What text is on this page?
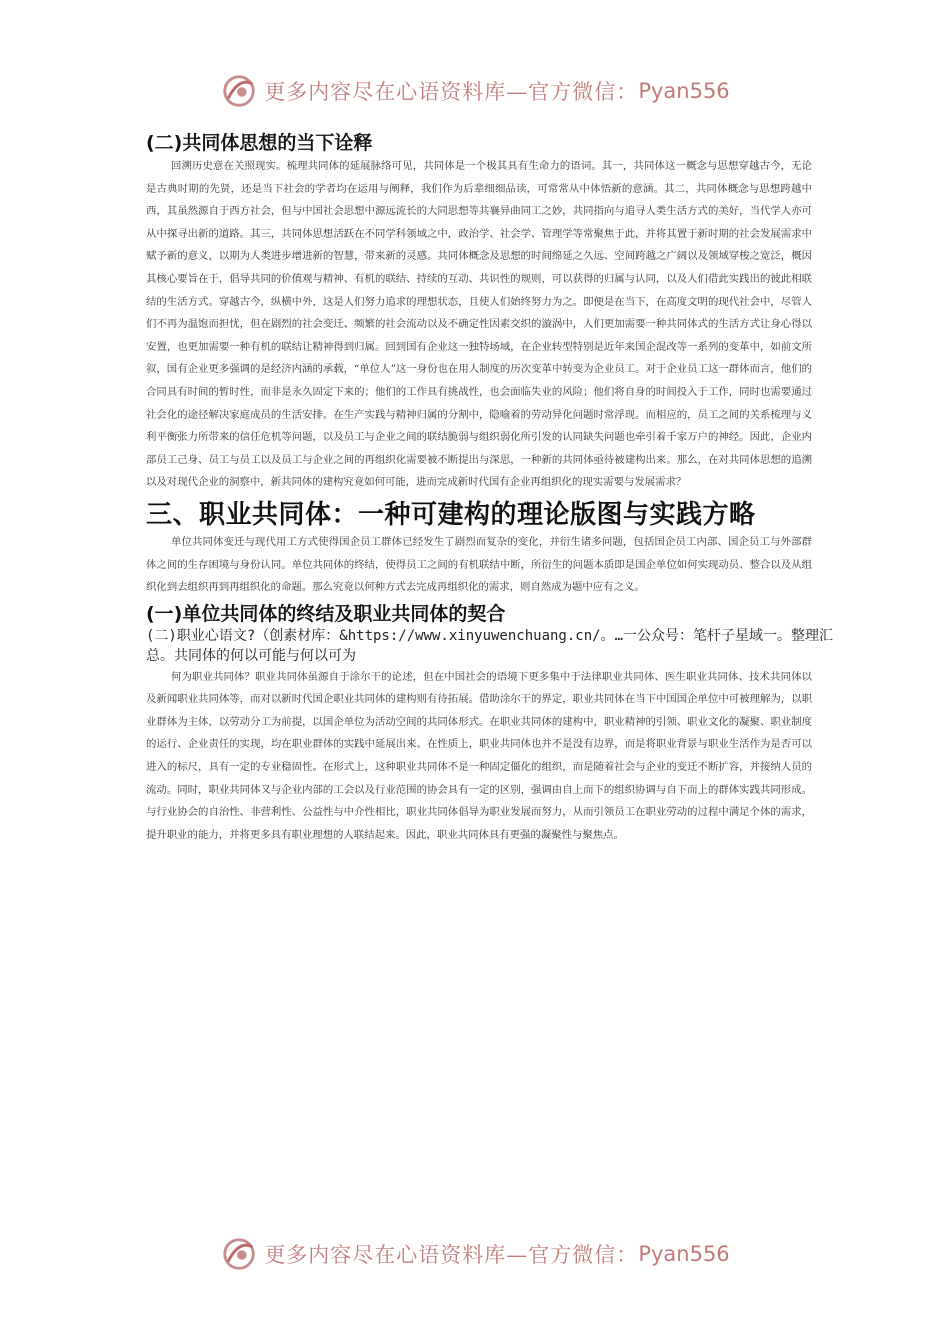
更多内容尽在心语资料库—官方微信： Pyan556
(二)共同体思想的当下诠释

回溯历史意在关照现实。梳理共同体的延展脉络可见，共同体是一个极其具有生命力的语词。其一，共同体这一概念与思想穿越古今，无论是古典时期的先贤，还是当下社会的学者均在运用与阐释，我们作为后辈细细品读，可常常从中体悟新的意涵。其二，共同体概念与思想跨越中西，其虽然源自于西方社会，但与中国社会思想中源远流长的大同思想等共襄异曲同工之妙，共同指向与追寻人类生活方式的美好，当代学人亦可从中探寻出新的道路。其三，共同体思想活跃在不同学科领域之中，政治学、社会学、管理学等常聚焦于此，并将其置于新时期的社会发展需求中赋予新的意义，以期为人类进步增进新的智慧，带来新的灵感。共同体概念及思想的时间绵延之久远、空间跨越之广阔以及领域穿梭之宽泛，概因其核心要旨在于，倡导共同的价值观与精神、有机的联结、持续的互动、共识性的规则，可以获得的归属与认同，以及人们借此实践出的彼此相联结的生活方式。穿越古今，纵横中外，这是人们努力追求的理想状态，且使人们始终努力为之。即便是在当下，在高度文明的现代社会中，尽管人们不再为温饱而担忧，但在剧烈的社会变迁、频繁的社会流动以及不确定性因素交织的漩涡中，人们更加需要一种共同体式的生活方式让身心得以安置，也更加需要一种有机的联结让精神得到归属。回到国有企业这一独特场域，在企业转型特别是近年来国企混改等一系列的变革中，如前文所叙，国有企业更多强调的是经济内涵的承载，“单位人”这一身份也在用人制度的历次变革中转变为企业员工。对于企业员工这一群体而言，他们的合同具有时间的暂时性，而非是永久固定下来的；他们的工作具有挑战性，也会面临失业的风险；他们将自身的时间投入于工作，同时也需要通过社会化的途径解决家庭成员的生活安排。在生产实践与精神归属的分割中，隐喻着的劳动异化问题时常浮现。而相应的，员工之间的关系梳理与义利平衡张力所带来的信任危机等问题，以及员工与企业之间的联结脆弱与组织弱化所引发的认同缺失问题也牵引着千家万户的神经。因此，企业内部员工己身、员工与员工以及员工与企业之间的再组织化需要被不断提出与深思，一种新的共同体亟待被建构出来。那么，在对共同体思想的追溯以及对现代企业的洞察中，新共同体的建构究竟如何可能，进而完成新时代国有企业再组织化的现实需要与发展需求？

三、职业共同体：一种可建构的理论版图与实践方略

单位共同体变迁与现代用工方式使得国企员工群体已经发生了剧烈而复杂的变化，并衍生诸多问题，包括国企员工内部、国企员工与外部群体之间的生存困境与身份认同。单位共同体的终结，使得员工之间的有机联结中断，所衍生的问题本质即是国企单位如何实现动员、整合以及从组织化到去组织再到再组织化的命题。那么究竟以何种方式去完成再组织化的需求，则自然成为题中应有之义。

(一)单位共同体的终结及职业共同体的契合

(二)职业心语文?（创素材库：&https://www.xinyuwenchuang.cn/。…一公众号：笔杆子星域一。整理汇总。共同体的何以可能与何以可为

何为职业共同体？职业共同体虽源自于涂尔干的论述，但在中国社会的语境下更多集中于法律职业共同体、医生职业共同体、技术共同体以及新闻职业共同体等，而对以新时代国企职业共同体的建构则有待拓展。借助涂尔干的界定，职业共同体在当下中国国企单位中可被理解为，以职业群体为主体，以劳动分工为前提，以国企单位为活动空间的共同体形式。在职业共同体的建构中，职业精神的引领、职业文化的凝聚、职业制度的运行、企业责任的实现，均在职业群体的实践中延展出来。在性质上，职业共同体也并不是没有边界，而是将职业背景与职业生活作为是否可以进入的标尺，具有一定的专业稳固性。在形式上，这种职业共同体不是一种固定僵化的组织，而是随着社会与企业的变迁不断扩容，并接纳人员的流动。同时，职业共同体又与企业内部的工会以及行业范围的协会具有一定的区别，强调由自上而下的组织协调与自下而上的群体实践共同形成。与行业协会的自治性、非营利性、公益性与中介性相比，职业共同体倡导为职业发展而努力，从而引领员工在职业劳动的过程中满足个体的需求，提升职业的能力，并将更多具有职业理想的人联结起来。因此，职业共同体具有更强的凝聚性与聚焦点。

更多内容尽在心语资料库—官方微信： Pyan556
